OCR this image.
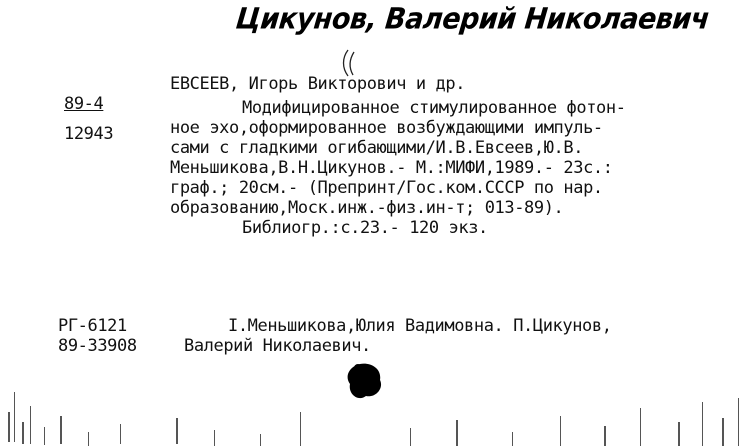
Цикунов, Валерий Николаевич
ЕВСЕЕВ, Игорь Викторович и др.
89-4
12943
Модифицированное стимулированное фотон-
ное эхо,оформированное возбуждающими импуль-
сами с гладкими огибающими/И.В.Евсеев,Ю.В.
Меньшикова,В.Н.Цикунов.- М.:МИФИ,1989.- 23с.:
граф.; 20см.- (Препринт/Гос.ком.СССР по нар.
образованию,Моск.инж.-физ.ин-т; 013-89).
Библиогр.:с.23.- 120 экз.
РГ-6121
89-33908
I.Меньшикова,Юлия Вадимовна. П.Цикунов,
Валерий Николаевич.
